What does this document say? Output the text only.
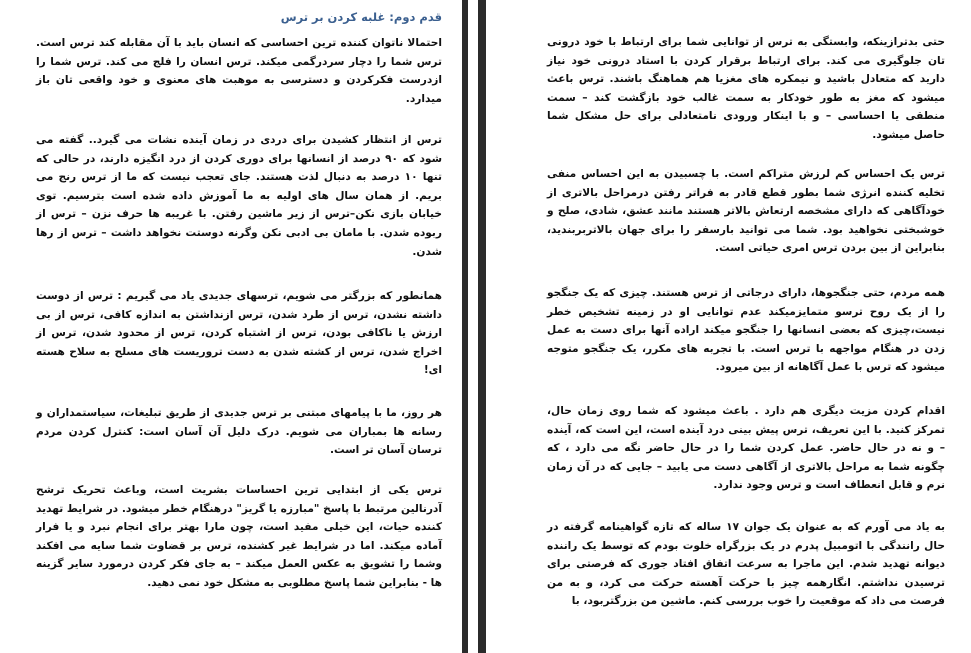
قدم دوم: غلبه کردن بر ترس

احتمالا ناتوان کننده ترین احساسی که انسان باید با آن مقابله کند ترس است. ترس شما را دچار سردرگمی میکند. ترس انسان را فلج می کند. ترس شما را ازدرست فکرکردن و دسترسی به موهبت های معنوی و خود واقعی تان باز میدارد.

ترس از انتظار کشیدن برای دردی در زمان آینده نشات می گیرد.. گفته می شود که ۹۰ درصد از انسانها برای دوری کردن از درد انگیزه دارند، در حالی که تنها ۱۰ درصد به دنبال لذت هستند. جای تعجب نیست که ما از ترس رنج می بریم. از همان سال های اولیه به ما آموزش داده شده است بترسیم. توی خیابان بازی نکن–ترس از زیر ماشین رفتن. با غریبه ها حرف نزن – ترس از ربوده شدن. با مامان بی ادبی نکن وگرنه دوستت نخواهد داشت – ترس از رها شدن.

همانطور که بزرگتر می شویم، ترسهای جدیدی یاد می گیریم : ترس از دوست داشته نشدن، ترس از طرد شدن، ترس ازنداشتن به اندازه کافی، ترس از بی ارزش یا ناکافی بودن، ترس از اشتباه کردن، ترس از محدود شدن، ترس از اخراج شدن، ترس از کشته شدن به دست تروریست های مسلح به سلاح هسته ای!

هر روز، ما با پیامهای مبتنی بر ترس جدیدی از طریق تبلیغات، سیاستمداران و رسانه ها بمباران می شویم. درک دلیل آن آسان است: کنترل کردن مردم ترسان آسان تر است.

ترس یکی از ابتدایی ترین احساسات بشریت است، وباعث تحریک ترشح آدرنالین مرتبط با پاسخ "مبارزه یا گریز" درهنگام خطر میشود. در شرایط تهدید کننده حیات، این خیلی مفید است، چون مارا بهتر برای انجام نبرد و یا فرار آماده میکند. اما در شرایط غیر کشنده، ترس بر قضاوت شما سایه می افکند وشما را تشویق به عکس العمل میکند – به جای فکر کردن درمورد سایر گزینه ها - بنابراین شما پاسخ مطلوبی به مشکل خود نمی دهید.

حتی بدترازینکه، وابستگی به ترس از توانایی شما برای ارتباط با خود درونی تان جلوگیری می کند. برای ارتباط برقرار کردن با استاد درونی خود نیاز دارید که متعادل باشید و نیمکره های مغزیا هم هماهنگ باشند. ترس باعث میشود که مغز به طور خودکار به سمت غالب خود بازگشت کند – سمت منطقی یا احساسی – و با اینکار ورودی نامتعادلی برای حل مشکل شما حاصل میشود.

ترس یک احساس کم لرزش متراکم است. با چسبیدن به این احساس منفی تخلیه کننده انرژی شما بطور قطع قادر به فراتر رفتن درمراحل بالاتری از خودآگاهی که دارای مشخصه ارتعاش بالاتر هستند مانند عشق، شادی، صلح و خوشبختی نخواهید بود. شما می توانید بارسفر را برای جهان بالاتربربندید، بنابراین از بین بردن ترس امری حیاتی است.

همه مردم، حتی جنگجوها، دارای درجاتی از ترس هستند. چیزی که یک جنگجو را از یک روح ترسو متمایزمیکند عدم توانایی او در زمینه تشخیص خطر نیست،چیزی که بعضی انسانها را جنگجو میکند اراده آنها برای دست به عمل زدن در هنگام مواجهه با ترس است. با تجربه های مکرر، یک جنگجو متوجه میشود که ترس با عمل آگاهانه از بین میرود.

اقدام کردن مزیت دیگری هم دارد . باعث میشود که شما روی زمان حال، تمرکز کنید. با این تعریف، ترس پیش بینی درد آینده است، این است که، آینده – و نه در حال حاضر. عمل کردن شما را در حال حاضر نگه می دارد ، که چگونه شما به مراحل بالاتری از آگاهی دست می یابید – جایی که در آن زمان نرم و قابل انعطاف است و ترس وجود ندارد.

به یاد می آورم که به عنوان یک جوان ۱۷ ساله که تازه گواهینامه گرفته در حال رانندگی با اتومبیل پدرم در یک بزرگراه خلوت بودم که توسط یک راننده دیوانه تهدید شدم. این ماجرا به سرعت اتفاق افتاد جوری که فرصتی برای ترسیدن نداشتم. انگارهمه چیز با حرکت آهسته حرکت می کرد، و به من فرصت می داد که موقعیت را خوب بررسی کنم. ماشین من بزرگتربود، با
